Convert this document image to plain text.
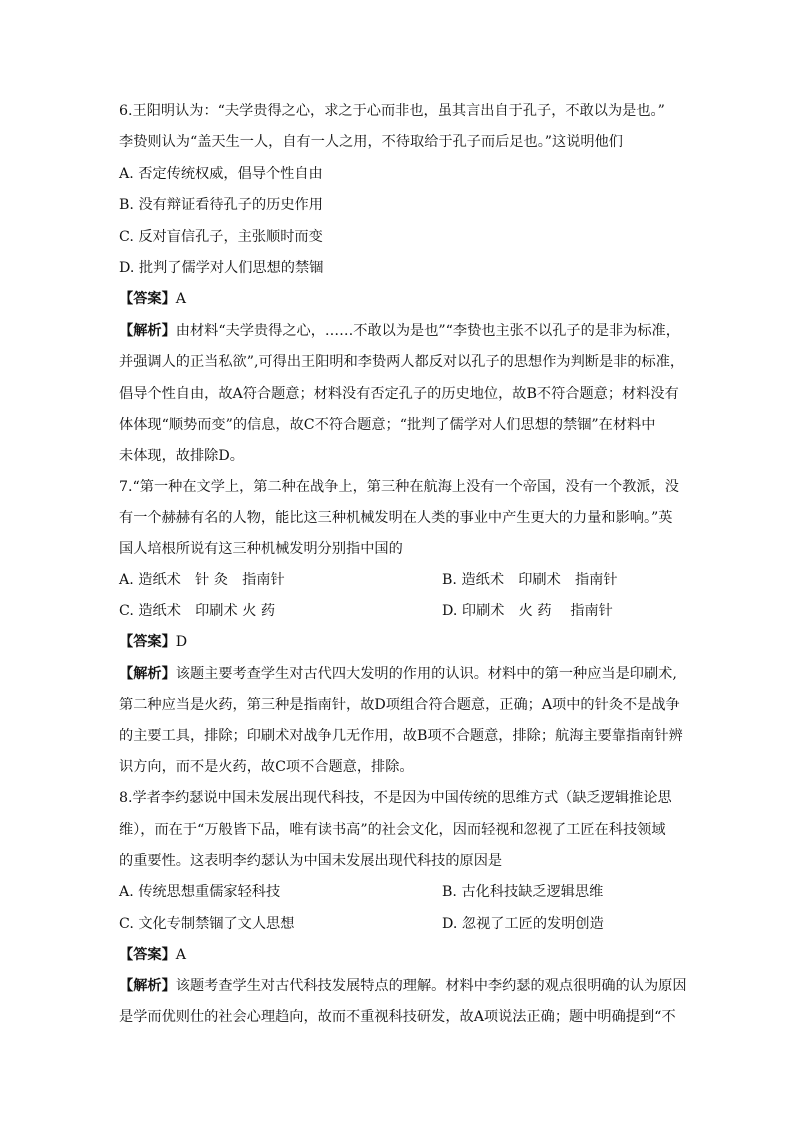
6.王阳明认为：“夫学贵得之心，求之于心而非也，虽其言出自于孔子，不敢以为是也。”
李贽则认为“盖天生一人，自有一人之用，不待取给于孔子而后足也。”这说明他们
A. 否定传统权威，倡导个性自由
B. 没有辩证看待孔子的历史作用
C. 反对盲信孔子，主张顺时而变
D. 批判了儒学对人们思想的禁锢
【答案】A
【解析】由材料“夫学贵得之心，……不敢以为是也”“李贽也主张不以孔子的是非为标准，
并强调人的正当私欲”,可得出王阳明和李贽两人都反对以孔子的思想作为判断是非的标准，
倡导个性自由，故A符合题意；材料没有否定孔子的历史地位，故B不符合题意；材料没有
体体现“顺势而变”的信息，故C不符合题意；“批判了儒学对人们思想的禁锢”在材料中
未体现，故排除D。
7.“第一种在文学上，第二种在战争上，第三种在航海上没有一个帝国，没有一个教派，没
有一个赫赫有名的人物，能比这三种机械发明在人类的事业中产生更大的力量和影响。”英
国人培根所说有这三种机械发明分别指中国的
A. 造纸术　针 灸　指南针	B. 造纸术　印刷术　指南针
C. 造纸术　印刷术 火 药	D. 印刷术　火 药　 指南针
【答案】D
【解析】该题主要考查学生对古代四大发明的作用的认识。材料中的第一种应当是印刷术,
第二种应当是火药，第三种是指南针，故D项组合符合题意，正确；A项中的针灸不是战争
的主要工具，排除；印刷术对战争几无作用，故B项不合题意，排除；航海主要靠指南针辨
识方向，而不是火药，故C项不合题意，排除。
8.学者李约瑟说中国未发展出现代科技，不是因为中国传统的思维方式（缺乏逻辑推论思
维），而在于“万般皆下品，唯有读书高”的社会文化，因而轻视和忽视了工匠在科技领域
的重要性。这表明李约瑟认为中国未发展出现代科技的原因是
A. 传统思想重儒家轻科技	B. 古化科技缺乏逻辑思维
C. 文化专制禁锢了文人思想	D. 忽视了工匠的发明创造
【答案】A
【解析】该题考查学生对古代科技发展特点的理解。材料中李约瑟的观点很明确的认为原因
是学而优则仕的社会心理趋向，故而不重视科技研发，故A项说法正确；题中明确提到“不
